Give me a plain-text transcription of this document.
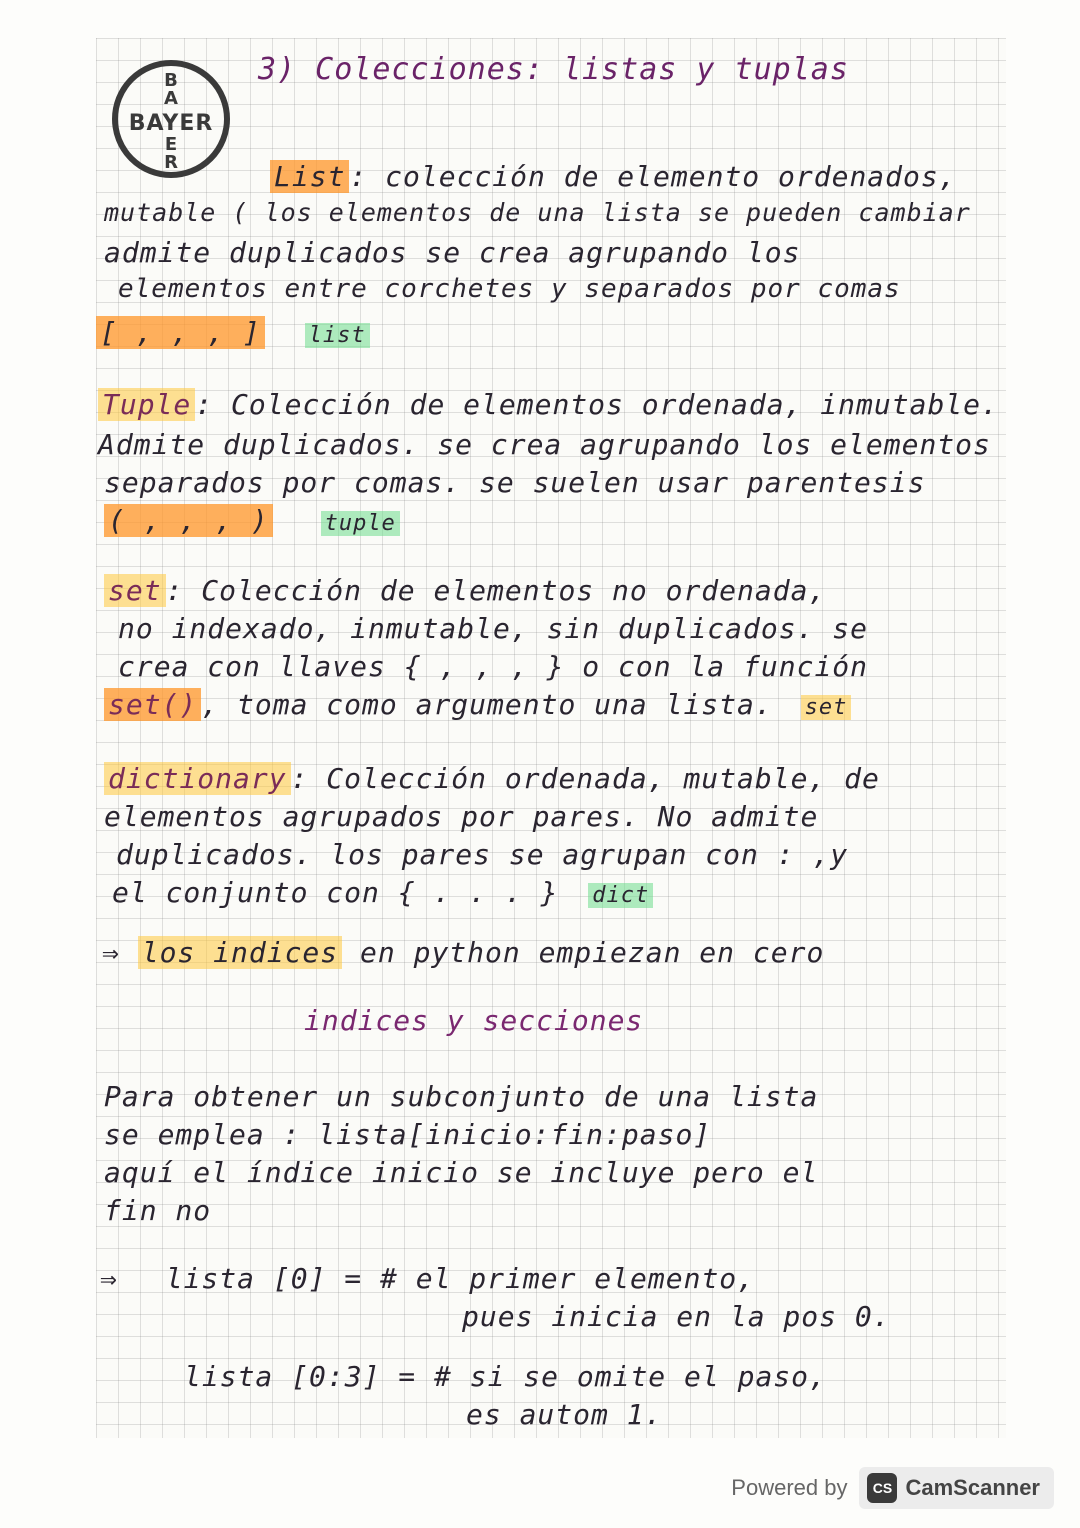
B
A
BAYER
E
R
3) Colecciones: listas y tuplas
List : colección de elemento ordenados,
mutable ( los elementos de una lista se pueden cambiar
admite duplicados se crea agrupando los
elementos entre corchetes y separados por comas
[ , , , ] list
Tuple : Colección de elementos ordenada, inmutable.
Admite duplicados. se crea agrupando los elementos
separados por comas. se suelen usar parentesis
( , , , )	tuple
set : Colección de elementos no ordenada,
no indexado, inmutable, sin duplicados. se
crea con llaves { , , , } o con la función
set() , toma como argumento una lista. set
dictionary : Colección ordenada, mutable, de
elementos agrupados por pares. No admite
duplicados. los pares se agrupan con : ,y
el conjunto con { . . . } dict
⇒ los indices en python empiezan en cero
indices y secciones
Para obtener un subconjunto de una lista
se emplea : lista[inicio:fin:paso]
aquí el índice inicio se incluye pero el
fin no
⇒ lista [0] = # el primer elemento,
pues inicia en la pos 0.
lista [0:3] = # si se omite el paso,
es autom 1.
Powered by	CS CamScanner
